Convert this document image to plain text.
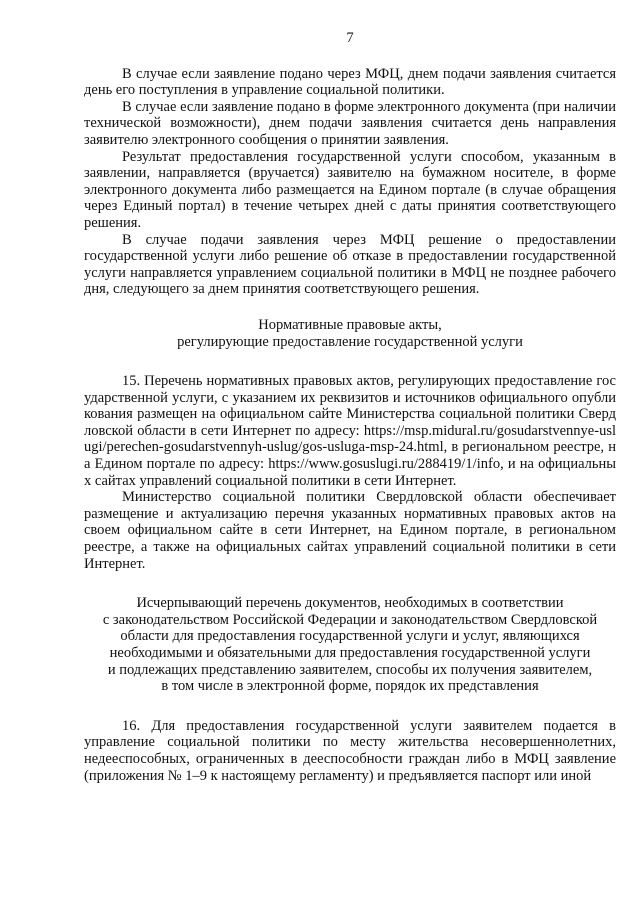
7

В случае если заявление подано через МФЦ, днем подачи заявления считается день его поступления в управление социальной политики.

В случае если заявление подано в форме электронного документа (при наличии технической возможности), днем подачи заявления считается день направления заявителю электронного сообщения о принятии заявления.

Результат предоставления государственной услуги способом, указанным в заявлении, направляется (вручается) заявителю на бумажном носителе, в форме электронного документа либо размещается на Едином портале (в случае обращения через Единый портал) в течение четырех дней с даты принятия соответствующего решения.

В случае подачи заявления через МФЦ решение о предоставлении государственной услуги либо решение об отказе в предоставлении государственной услуги направляется управлением социальной политики в МФЦ не позднее рабочего дня, следующего за днем принятия соответствующего решения.

Нормативные правовые акты,

регулирующие предоставление государственной услуги

15. Перечень нормативных правовых актов, регулирующих предоставление государственной услуги, с указанием их реквизитов и источников официального опубликования размещен на официальном сайте Министерства социальной политики Свердловской области в сети Интернет по адресу: https://msp.midural.ru/gosudarstvennye-uslugi/perechen-gosudarstvennyh-uslug/gos-usluga-msp-24.html, в региональном реестре, на Едином портале по адресу: https://www.gosuslugi.ru/288419/1/info, и на официальных сайтах управлений социальной политики в сети Интернет.

Министерство социальной политики Свердловской области обеспечивает размещение и актуализацию перечня указанных нормативных правовых актов на своем официальном сайте в сети Интернет, на Едином портале, в региональном реестре, а также на официальных сайтах управлений социальной политики в сети Интернет.

Исчерпывающий перечень документов, необходимых в соответствии

с законодательством Российской Федерации и законодательством Свердловской

области для предоставления государственной услуги и услуг, являющихся

необходимыми и обязательными для предоставления государственной услуги

и подлежащих представлению заявителем, способы их получения заявителем,

в том числе в электронной форме, порядок их представления

16. Для предоставления государственной услуги заявителем подается в управление социальной политики по месту жительства несовершеннолетних, недееспособных, ограниченных в дееспособности граждан либо в МФЦ заявление (приложения № 1–9 к настоящему регламенту) и предъявляется паспорт или иной
